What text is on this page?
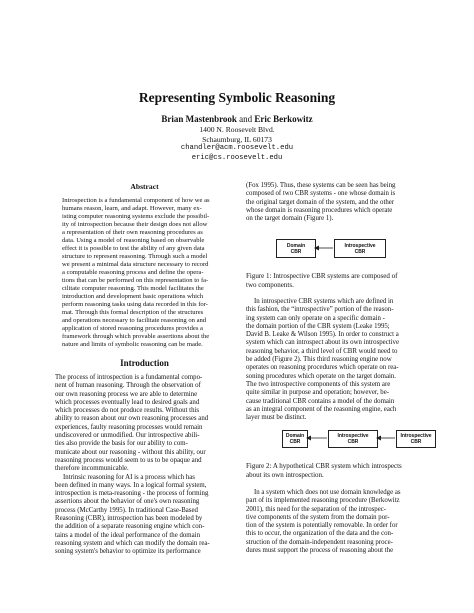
Representing Symbolic Reasoning
Brian Mastenbrook and Eric Berkowitz
1400 N. Roosevelt Blvd.
Schaumburg, IL 60173
chandler@acm.roosevelt.edu
eric@cs.roosevelt.edu
Abstract
Introspection is a fundamental component of how we as
humans reason, learn, and adapt. However, many ex-
isting computer reasoning systems exclude the possibil-
ity of introspection because their design does not allow
a representation of their own reasoning procedures as
data. Using a model of reasoning based on observable
effect it is possible to test the ability of any given data
structure to represent reasoning. Through such a model
we present a minimal data structure necessary to record
a computable reasoning process and define the opera-
tions that can be performed on this representation to fa-
cilitate computer reasoning. This model facilitates the
introduction and development basic operations which
perform reasoning tasks using data recorded in this for-
mat. Through this formal description of the structures
and operations necessary to facilitate reasoning on and
application of stored reasoning procedures provides a
framework through which provable assertions about the
nature and limits of symbolic reasoning can be made.
Introduction
The process of introspection is a fundamental compo-
nent of human reasoning. Through the observation of
our own reasoning process we are able to determine
which processes eventually lead to desired goals and
which processes do not produce results. Without this
ability to reason about our own reasoning processes and
experiences, faulty reasoning processes would remain
undiscovered or unmodified. Our introspective abili-
ties also provide the basis for our ability to com-
municate about our reasoning - without this ability, our
reasoning process would seem to us to be opaque and
therefore incommunicable.
Intrinsic reasoning for AI is a process which has
been defined in many ways. In a logical formal system,
introspection is meta-reasoning - the process of forming
assertions about the behavior of one's own reasoning
process (McCarthy 1995). In traditional Case-Based
Reasoning (CBR), introspection has been modeled by
the addition of a separate reasoning engine which con-
tains a model of the ideal performance of the domain
reasoning system and which can modify the domain rea-
soning system's behavior to optimize its performance
(Fox 1995). Thus, these systems can be seen has being
composed of two CBR systems - one whose domain is
the original target domain of the system, and the other
whose domain is reasoning procedures which operate
on the target domain (Figure 1).
Domain
CBR
Introspective
CBR
Figure 1: Introspective CBR systems are composed of
two components.
In introspective CBR systems which are defined in
this fashion, the “introspective” portion of the reason-
ing system can only operate on a specific domain -
the domain portion of the CBR system (Leake 1995;
David B. Leake & Wilson 1995). In order to construct a
system which can introspect about its own introspective
reasoning behavior, a third level of CBR would need to
be added (Figure 2). This third reasoning engine now
operates on reasoning procedures which operate on rea-
soning procedures which operate on the target domain.
The two introspective components of this system are
quite similar in purpose and operation; however, be-
cause traditional CBR contains a model of the domain
as an integral component of the reasoning engine, each
layer must be distinct.
Domain
CBR
Introspective
CBR
Introspective CBR
Figure 2: A hypothetical CBR system which introspects
about its own introspection.
In a system which does not use domain knowledge as
part of its implemented reasoning procedure (Berkowitz
2001), this need for the separation of the introspec-
tive components of the system from the domain por-
tion of the system is potentially removable. In order for
this to occur, the organization of the data and the con-
struction of the domain-independent reasoning proce-
dures must support the process of reasoning about the
